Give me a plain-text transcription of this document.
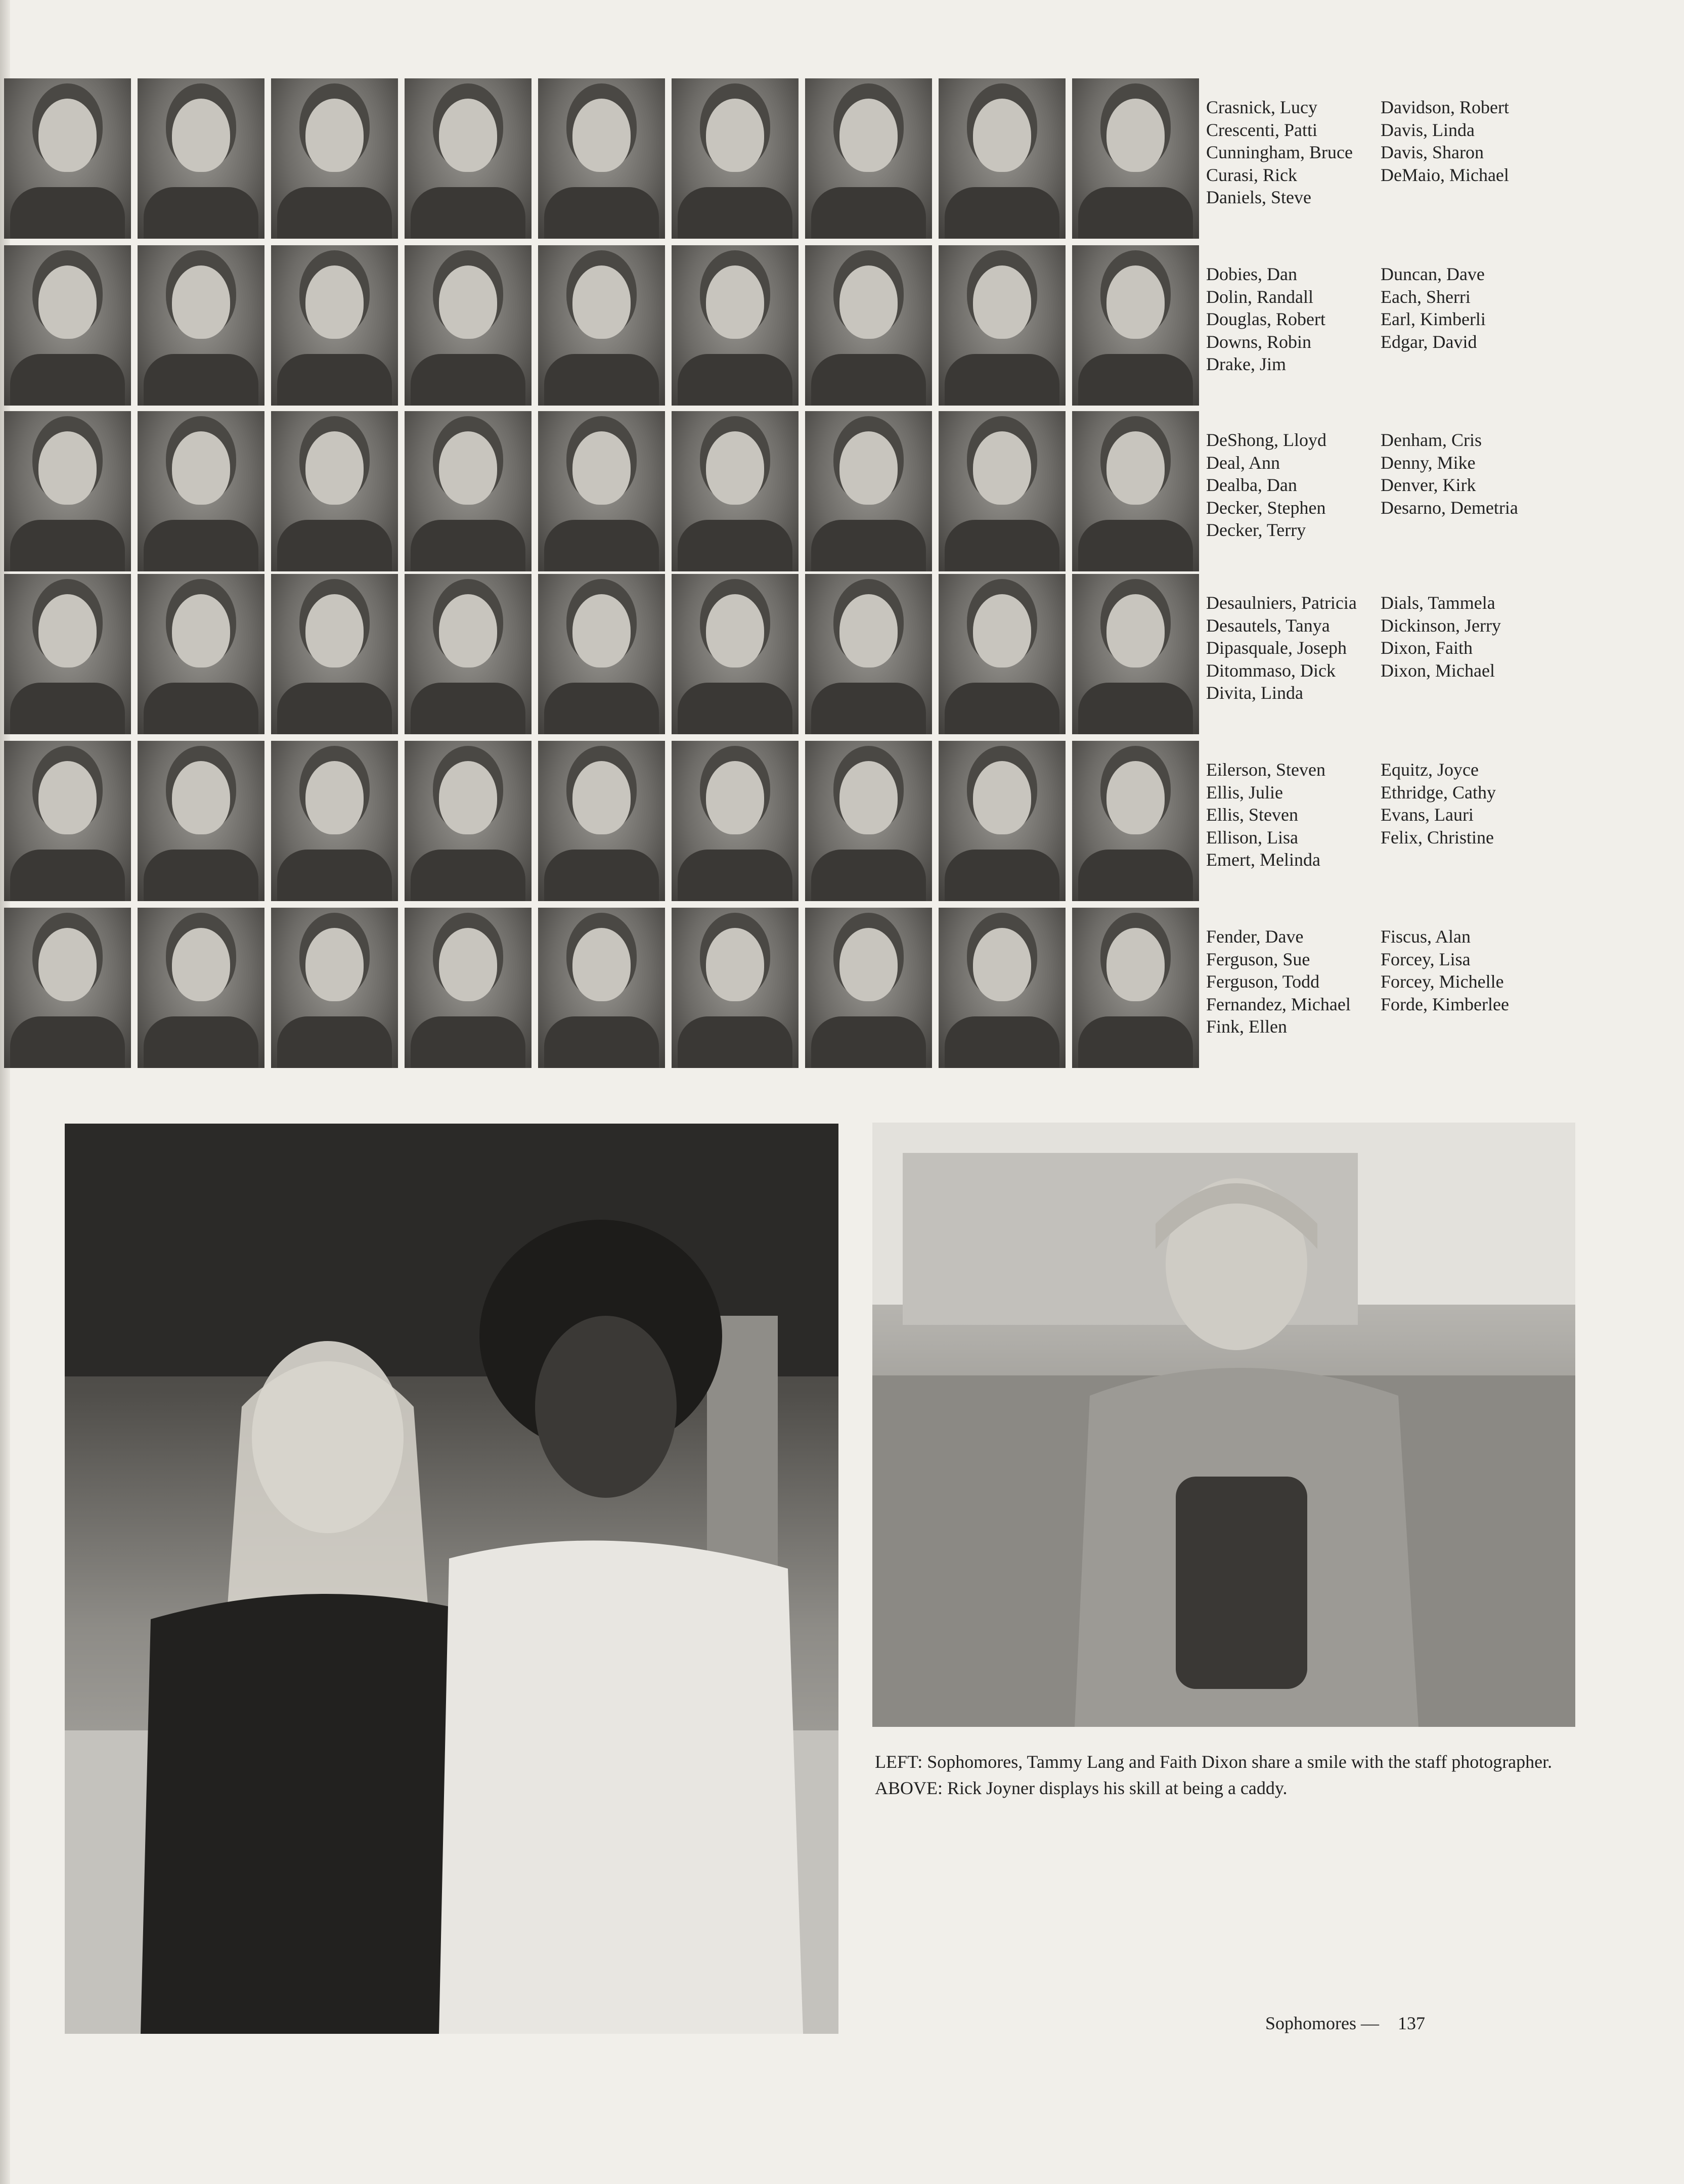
Crasnick, Lucy
Crescenti, Patti
Cunningham, Bruce
Curasi, Rick
Daniels, Steve
Davidson, Robert
Davis, Linda
Davis, Sharon
DeMaio, Michael
Dobies, Dan
Dolin, Randall
Douglas, Robert
Downs, Robin
Drake, Jim
Duncan, Dave
Each, Sherri
Earl, Kimberli
Edgar, David
DeShong, Lloyd
Deal, Ann
Dealba, Dan
Decker, Stephen
Decker, Terry
Denham, Cris
Denny, Mike
Denver, Kirk
Desarno, Demetria
Desaulniers, Patricia
Desautels, Tanya
Dipasquale, Joseph
Ditommaso, Dick
Divita, Linda
Dials, Tammela
Dickinson, Jerry
Dixon, Faith
Dixon, Michael
Eilerson, Steven
Ellis, Julie
Ellis, Steven
Ellison, Lisa
Emert, Melinda
Equitz, Joyce
Ethridge, Cathy
Evans, Lauri
Felix, Christine
Fender, Dave
Ferguson, Sue
Ferguson, Todd
Fernandez, Michael
Fink, Ellen
Fiscus, Alan
Forcey, Lisa
Forcey, Michelle
Forde, Kimberlee
LEFT: Sophomores, Tammy Lang and Faith Dixon share a smile with the staff photographer. ABOVE: Rick Joyner displays his skill at being a caddy.
Sophomores — 137
